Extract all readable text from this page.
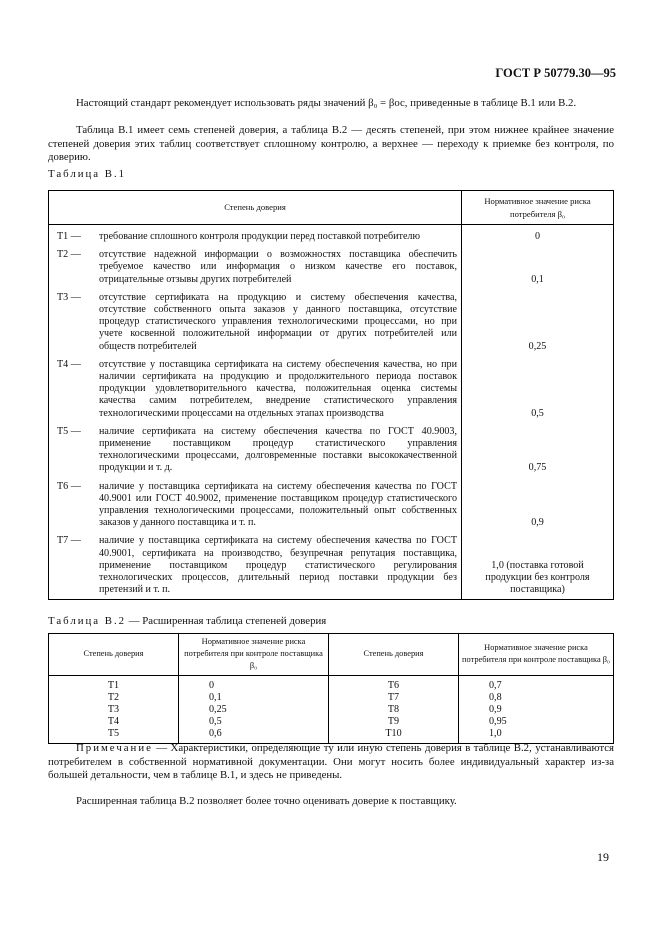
ГОСТ Р 50779.30—95

Настоящий стандарт рекомендует использовать ряды значений β₀ = βос, приведенные в таблице В.1 или В.2.

Таблица В.1 имеет семь степеней доверия, а таблица В.2 — десять степеней, при этом нижнее крайнее значение степеней доверия этих таблиц соответствует сплошному контролю, а верхнее — переходу к приемке без контроля, по доверию.

Таблица В.1
Степень доверия	Нормативное значение риска потребителя β₀

Т1 — требование сплошного контроля продукции перед поставкой потребителю	0

Т2 — отсутствие надежной информации о возможностях поставщика обеспечить требуемое качество или информация о низком качестве его поставок, отрицательные отзывы других потребителей	0,1

Т3 — отсутствие сертификата на продукцию и систему обеспечения качества, отсутствие собственного опыта заказов у данного поставщика, отсутствие процедур статистического управления технологическими процессами, но при учете косвенной положительной информации от других потребителей или обществ потребителей	0,25

Т4 — отсутствие у поставщика сертификата на систему обеспечения качества, но при наличии сертификата на продукцию и продолжительного периода поставок продукции удовлетворительного качества, положительная оценка системы качества самим потребителем, внедрение статистического управления технологическими процессами на отдельных этапах производства	0,5

Т5 — наличие сертификата на систему обеспечения качества по ГОСТ 40.9003, применение поставщиком процедур статистического управления технологическими процессами, долговременные поставки высококачественной продукции и т. д.	0,75

Т6 — наличие у поставщика сертификата на систему обеспечения качества по ГОСТ 40.9001 или ГОСТ 40.9002, применение поставщиком процедур статистического управления технологическими процессами, положительный опыт собственных заказов у данного поставщика и т. п.	0,9

Т7 — наличие у поставщика сертификата на систему обеспечения качества по ГОСТ 40.9001, сертификата на производство, безупречная репутация поставщика, применение поставщиком процедур статистического регулирования технологических процессов, длительный период поставки продукции без претензий и т. п.	1,0 (поставка готовой продукции без контроля поставщика)
Таблица В.2 — Расширенная таблица степеней доверия
Степень доверия	Нормативное значение риска потребителя при контроле поставщика β₀	Степень доверия	Нормативное значение риска потребителя при контроле поставщика β₀
Т1	0	Т6	0,7
Т2	0,1	Т7	0,8
Т3	0,25	Т8	0,9
Т4	0,5	Т9	0,95
Т5	0,6	Т10	1,0

Примечание — Характеристики, определяющие ту или иную степень доверия в таблице В.2, устанавливаются потребителем в собственной нормативной документации. Они могут носить более индивидуальный характер из-за большей детальности, чем в таблице В.1, и здесь не приведены.

Расширенная таблица В.2 позволяет более точно оценивать доверие к поставщику.

19
